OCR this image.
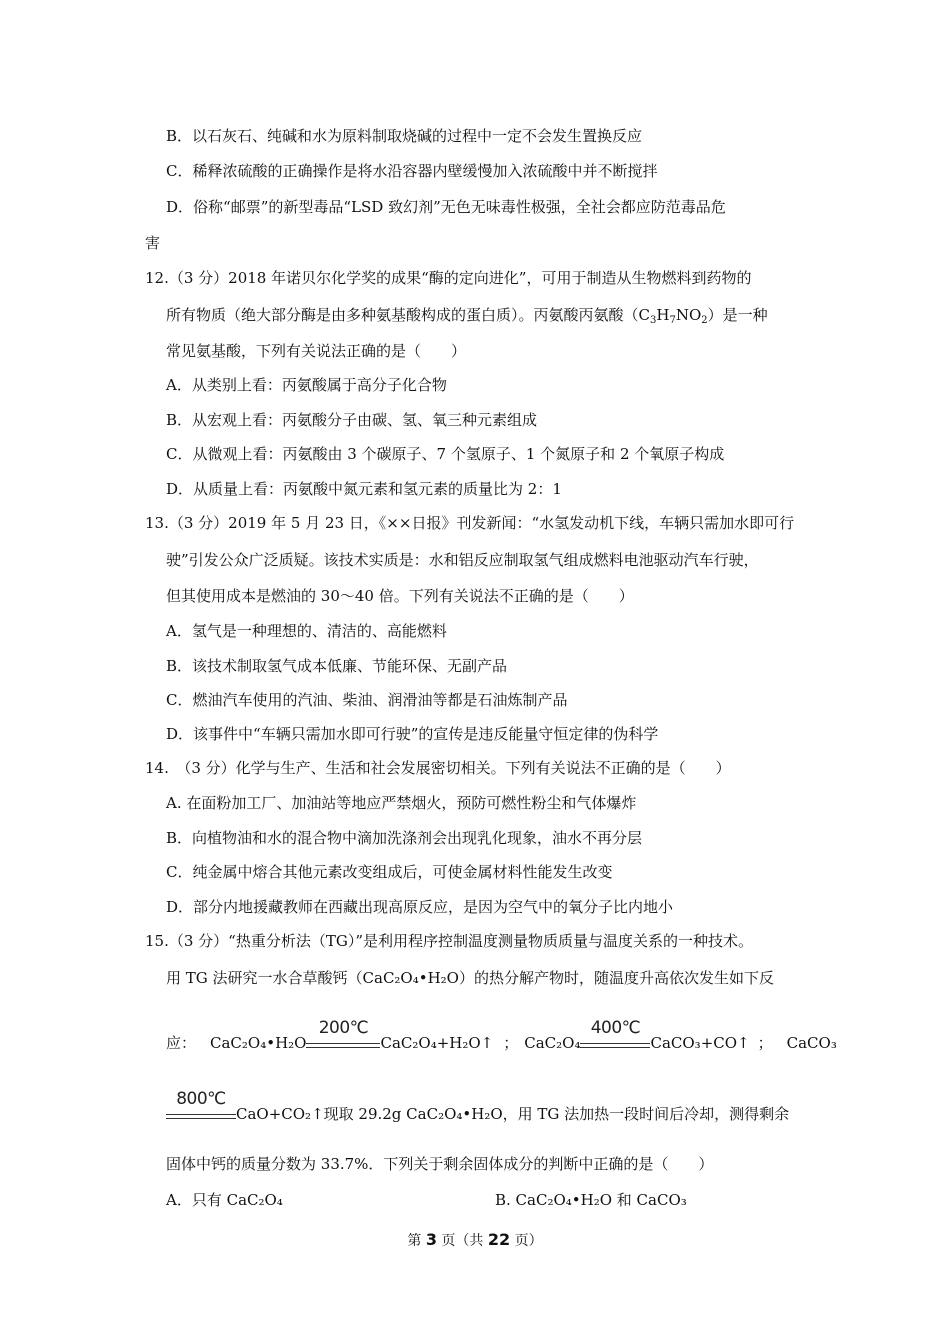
B．以石灰石、纯碱和水为原料制取烧碱的过程中一定不会发生置换反应
C．稀释浓硫酸的正确操作是将水沿容器内壁缓慢加入浓硫酸中并不断搅拌
D．俗称“邮票”的新型毒品“LSD 致幻剂”无色无味毒性极强，全社会都应防范毒品危
害
12.（3 分）2018 年诺贝尔化学奖的成果“酶的定向进化”，可用于制造从生物燃料到药物的
所有物质（绝大部分酶是由多种氨基酸构成的蛋白质）。丙氨酸丙氨酸$(C_3H_7NO_2)$是一种
常见氨基酸，下列有关说法正确的是（　　）
A．从类别上看：丙氨酸属于高分子化合物
B．从宏观上看：丙氨酸分子由碳、氢、氧三种元素组成
C．从微观上看：丙氨酸由 3 个碳原子、7 个氢原子、1 个氮原子和 2 个氧原子构成
D．从质量上看：丙氨酸中氮元素和氢元素的质量比为 2：1
13.（3 分）2019 年 5 月 23 日，《××日报》刊发新闻：“水氢发动机下线，车辆只需加水即可行
驶”引发公众广泛质疑。该技术实质是：水和铝反应制取氢气组成燃料电池驱动汽车行驶，
但其使用成本是燃油的 30～40 倍。下列有关说法不正确的是（　　）
A．氢气是一种理想的、清洁的、高能燃料
B．该技术制取氢气成本低廉、节能环保、无副产品
C．燃油汽车使用的汽油、柴油、润滑油等都是石油炼制产品
D．该事件中“车辆只需加水即可行驶”的宣传是违反能量守恒定律的伪科学
14.　（3 分）化学与生产、生活和社会发展密切相关。下列有关说法不正确的是（　　）
A. 在面粉加工厂、加油站等地应严禁烟火，预防可燃性粉尘和气体爆炸
B．向植物油和水的混合物中滴加洗涤剂会出现乳化现象，油水不再分层
C．纯金属中熔合其他元素改变组成后，可使金属材料性能发生改变
D．部分内地援藏教师在西藏出现高原反应，是因为空气中的氧分子比内地小
15.（3 分）“热重分析法（TG）”是利用程序控制温度测量物质质量与温度关系的一种技术。
用 TG 法研究一水合草酸钙（CaC₂O₄•H₂O）的热分解产物时，随温度升高依次发生如下反
应： CaC₂O₄•H₂O
200℃
CaC₂O₄+H₂O↑ ； CaC₂O₄
400℃
CaCO₃+CO↑ ； CaCO₃
800℃
CaO+CO₂↑现取 29.2g CaC₂O₄•H₂O，用 TG 法加热一段时间后冷却，测得剩余
固体中钙的质量分数为 33.7%．下列关于剩余固体成分的判断中正确的是（　　）
A．只有 CaC₂O₄	B. CaC₂O₄•H₂O 和 CaCO₃
第 3 页（共 22 页）
